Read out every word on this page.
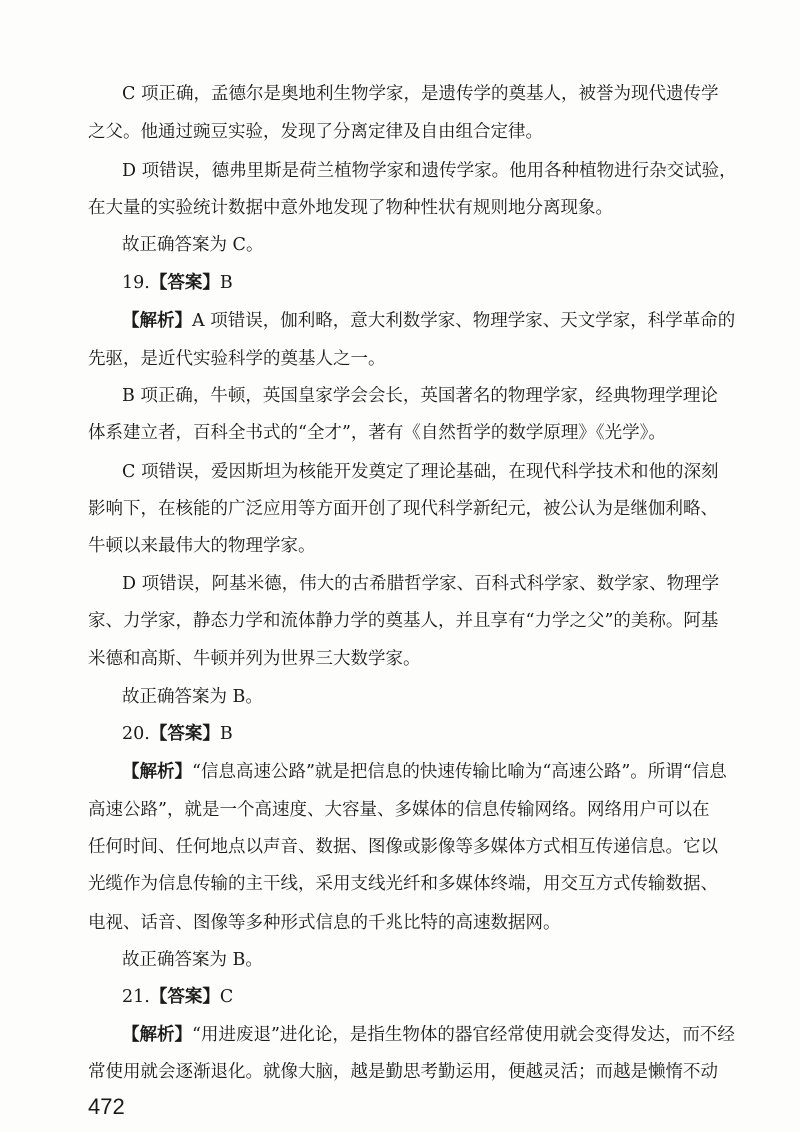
C 项正确，孟德尔是奥地利生物学家，是遗传学的奠基人，被誉为现代遗传学
之父。他通过豌豆实验，发现了分离定律及自由组合定律。
D 项错误，德弗里斯是荷兰植物学家和遗传学家。他用各种植物进行杂交试验，
在大量的实验统计数据中意外地发现了物种性状有规则地分离现象。
故正确答案为 C。
19.【答案】B
【解析】A 项错误，伽利略，意大利数学家、物理学家、天文学家，科学革命的
先驱，是近代实验科学的奠基人之一。
B 项正确，牛顿，英国皇家学会会长，英国著名的物理学家，经典物理学理论
体系建立者，百科全书式的“全才”，著有《自然哲学的数学原理》《光学》。
C 项错误，爱因斯坦为核能开发奠定了理论基础，在现代科学技术和他的深刻
影响下，在核能的广泛应用等方面开创了现代科学新纪元，被公认为是继伽利略、
牛顿以来最伟大的物理学家。
D 项错误，阿基米德，伟大的古希腊哲学家、百科式科学家、数学家、物理学
家、力学家，静态力学和流体静力学的奠基人，并且享有“力学之父”的美称。阿基
米德和高斯、牛顿并列为世界三大数学家。
故正确答案为 B。
20.【答案】B
【解析】“信息高速公路”就是把信息的快速传输比喻为“高速公路”。所谓“信息
高速公路”，就是一个高速度、大容量、多媒体的信息传输网络。网络用户可以在
任何时间、任何地点以声音、数据、图像或影像等多媒体方式相互传递信息。它以
光缆作为信息传输的主干线，采用支线光纤和多媒体终端，用交互方式传输数据、
电视、话音、图像等多种形式信息的千兆比特的高速数据网。
故正确答案为 B。
21.【答案】C
【解析】“用进废退”进化论，是指生物体的器官经常使用就会变得发达，而不经
常使用就会逐渐退化。就像大脑，越是勤思考勤运用，便越灵活；而越是懒惰不动
472
